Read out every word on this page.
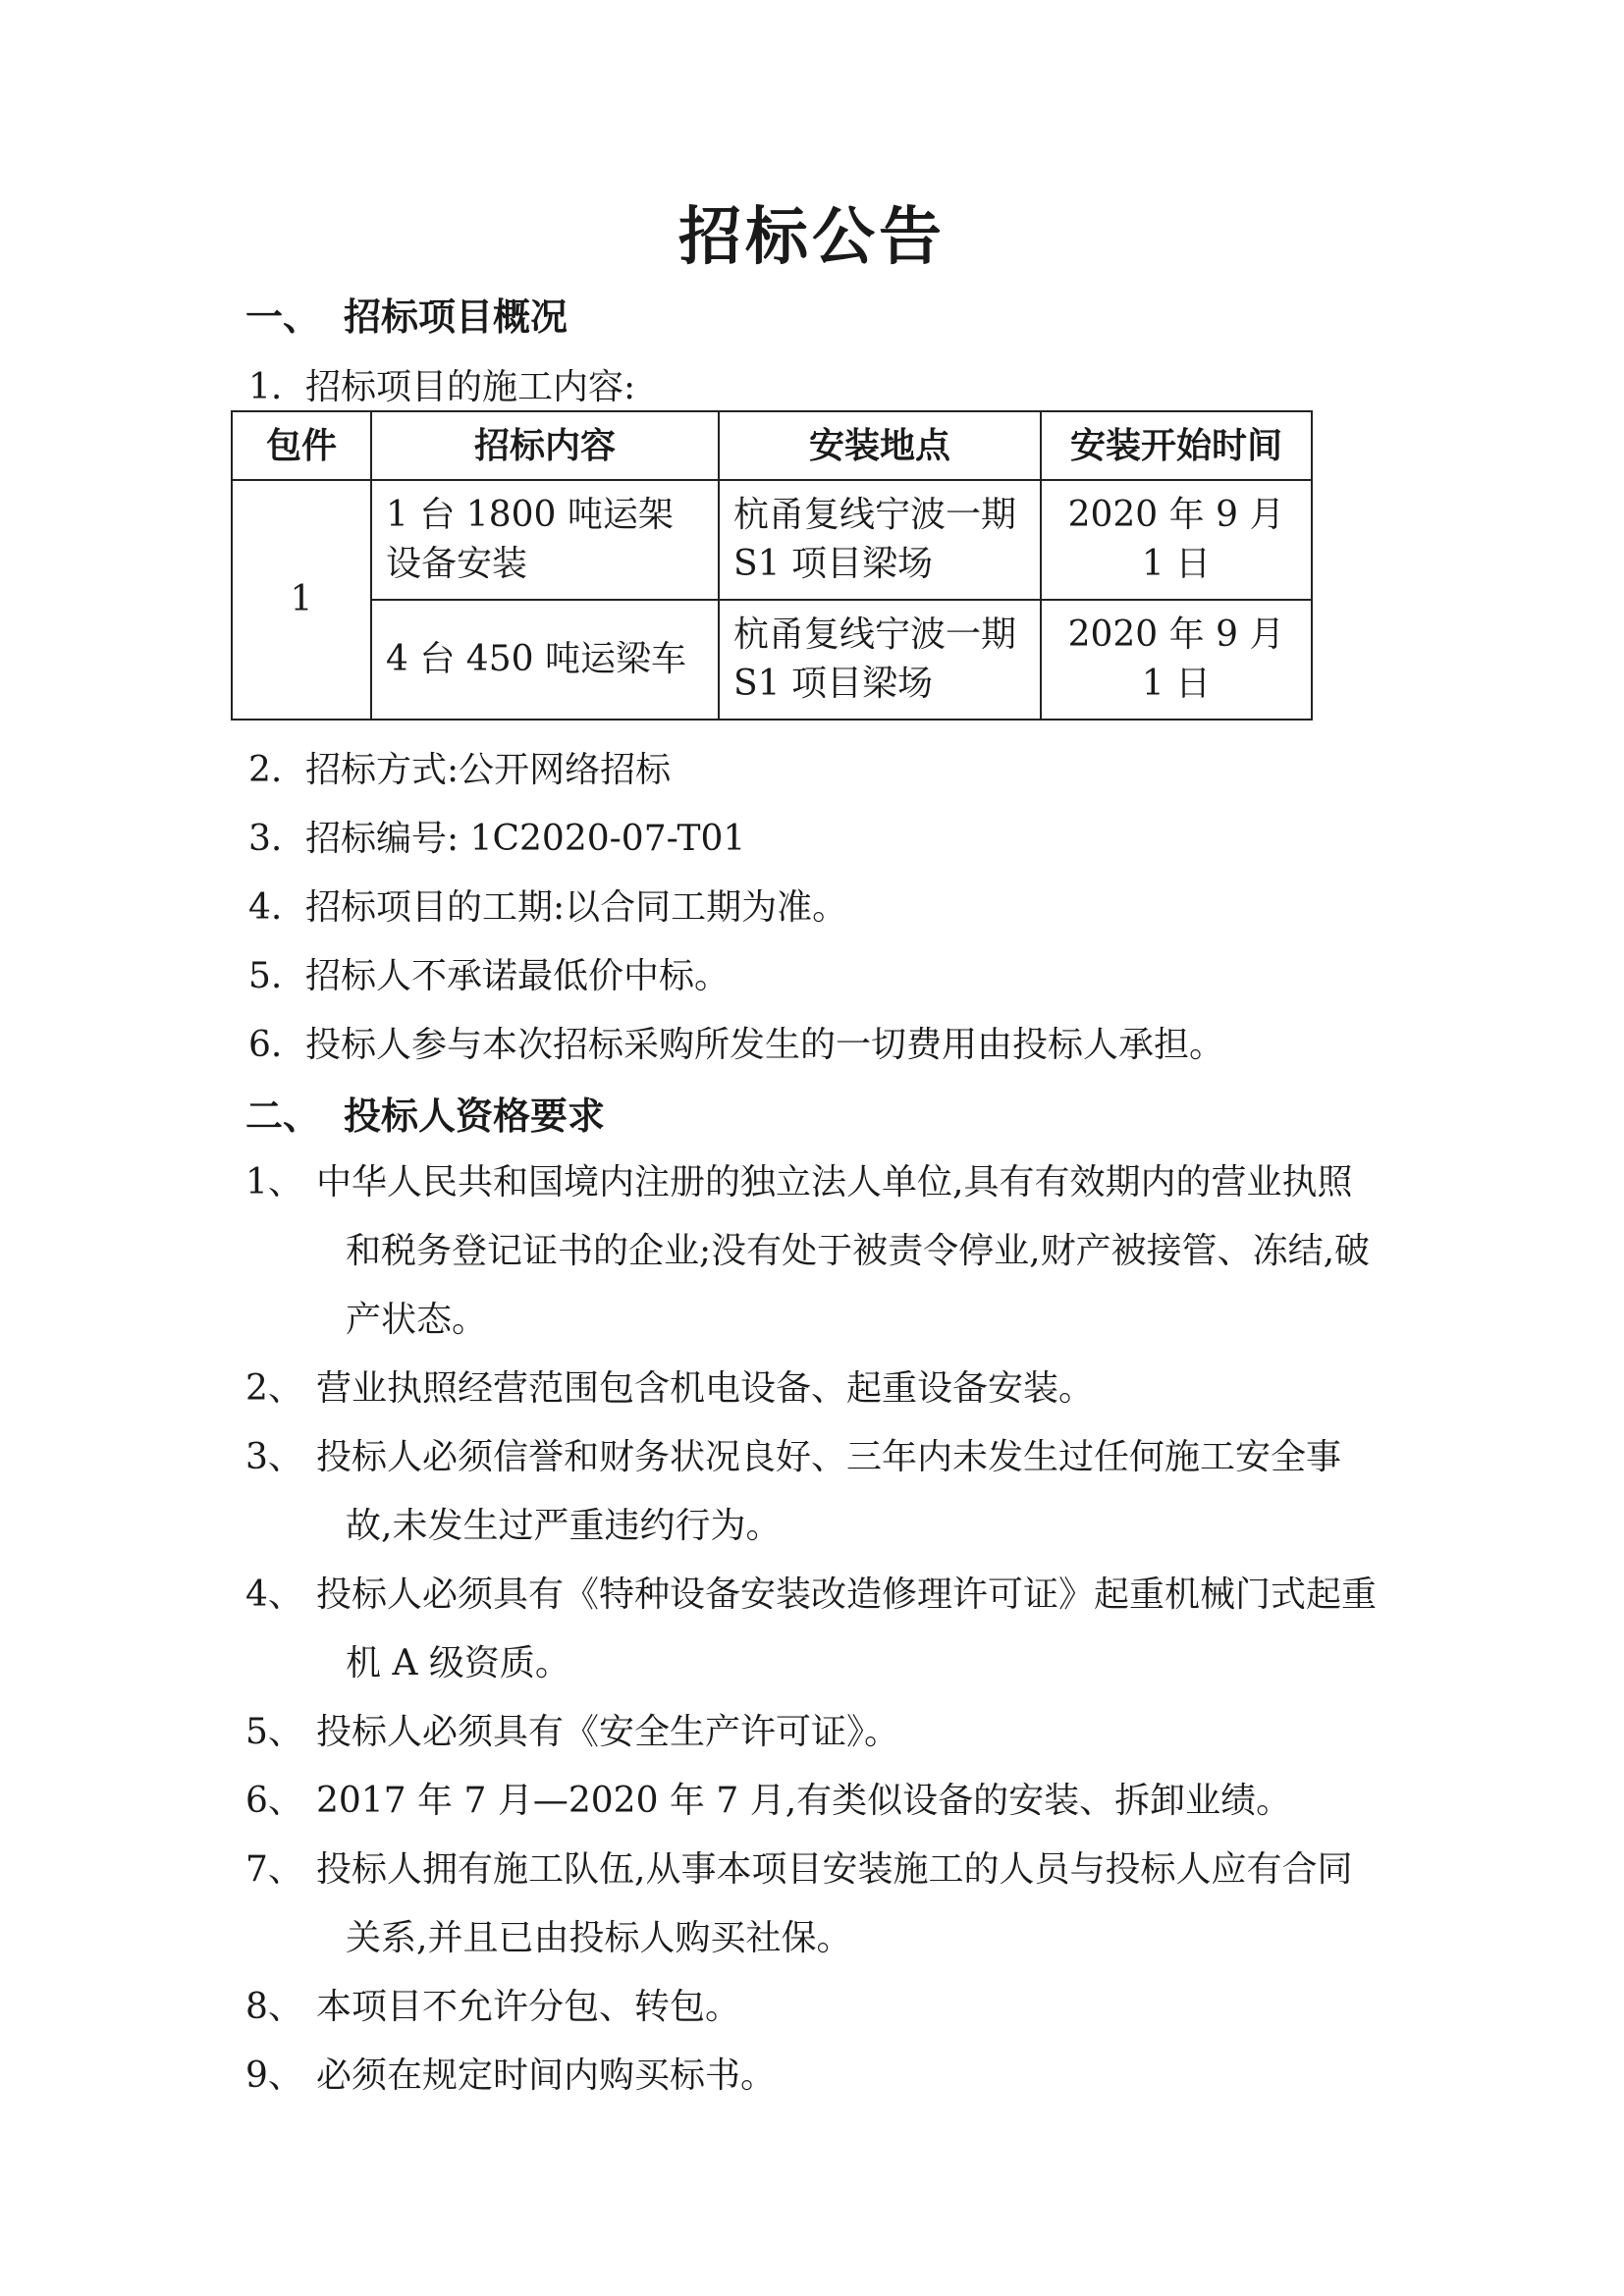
招标公告
一、 招标项目概况
1. 招标项目的施工内容:
包件	招标内容	安装地点	安装开始时间
1	1 台 1800 吨运架设备安装	杭甬复线宁波一期 S1 项目梁场	2020 年 9 月 1 日
	4 台 450 吨运梁车	杭甬复线宁波一期 S1 项目梁场	2020 年 9 月 1 日
2. 招标方式:公开网络招标
3. 招标编号: 1C2020-07-T01
4. 招标项目的工期:以合同工期为准。
5. 招标人不承诺最低价中标。
6. 投标人参与本次招标采购所发生的一切费用由投标人承担。
二、 投标人资格要求
1、 中华人民共和国境内注册的独立法人单位,具有有效期内的营业执照和税务登记证书的企业;没有处于被责令停业,财产被接管、冻结,破产状态。
2、 营业执照经营范围包含机电设备、起重设备安装。
3、 投标人必须信誉和财务状况良好、三年内未发生过任何施工安全事故,未发生过严重违约行为。
4、 投标人必须具有《特种设备安装改造修理许可证》起重机械门式起重机 A 级资质。
5、 投标人必须具有《安全生产许可证》。
6、 2017 年 7 月—2020 年 7 月,有类似设备的安装、拆卸业绩。
7、 投标人拥有施工队伍,从事本项目安装施工的人员与投标人应有合同关系,并且已由投标人购买社保。
8、 本项目不允许分包、转包。
9、 必须在规定时间内购买标书。
